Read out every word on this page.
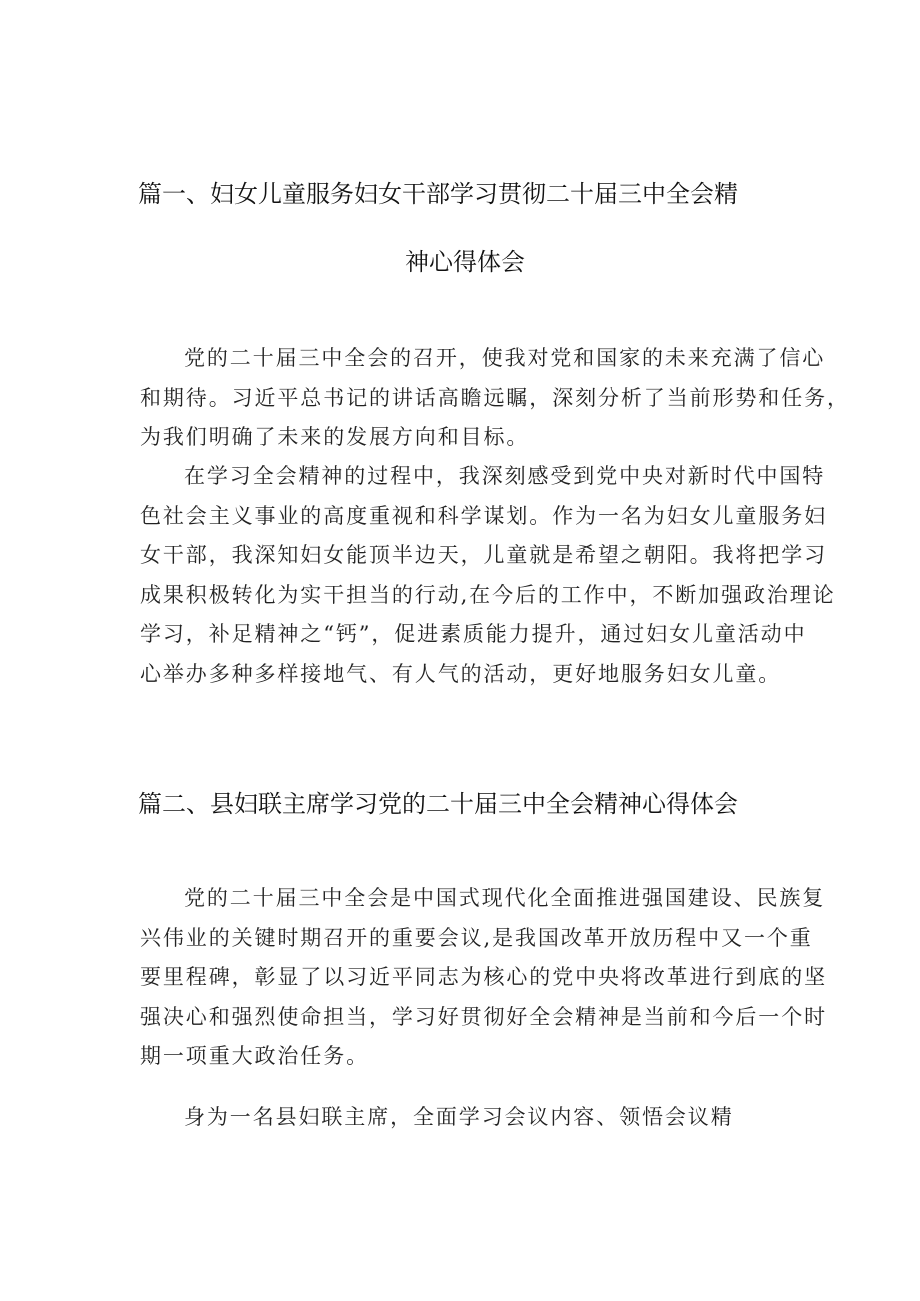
篇一、妇女儿童服务妇女干部学习贯彻二十届三中全会精
神心得体会
党的二十届三中全会的召开，使我对党和国家的未来充满了信心
和期待。习近平总书记的讲话高瞻远瞩，深刻分析了当前形势和任务，
为我们明确了未来的发展方向和目标。
在学习全会精神的过程中，我深刻感受到党中央对新时代中国特
色社会主义事业的高度重视和科学谋划。作为一名为妇女儿童服务妇
女干部，我深知妇女能顶半边天，儿童就是希望之朝阳。我将把学习
成果积极转化为实干担当的行动,在今后的工作中，不断加强政治理论
学习，补足精神之“钙”，促进素质能力提升，通过妇女儿童活动中
心举办多种多样接地气、有人气的活动，更好地服务妇女儿童。
篇二、县妇联主席学习党的二十届三中全会精神心得体会
党的二十届三中全会是中国式现代化全面推进强国建设、民族复
兴伟业的关键时期召开的重要会议,是我国改革开放历程中又一个重
要里程碑，彰显了以习近平同志为核心的党中央将改革进行到底的坚
强决心和强烈使命担当，学习好贯彻好全会精神是当前和今后一个时
期一项重大政治任务。
身为一名县妇联主席，全面学习会议内容、领悟会议精
